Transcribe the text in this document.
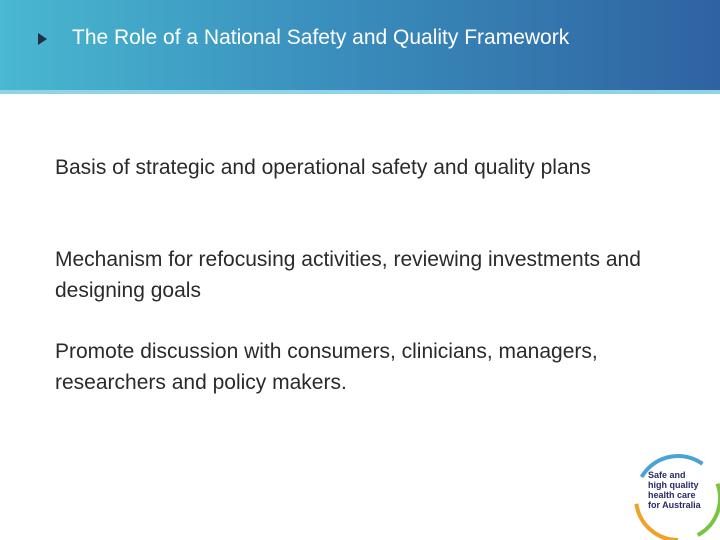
The Role of a National Safety and Quality Framework
Basis of strategic and operational safety and quality plans
Mechanism for refocusing activities, reviewing investments and designing goals
Promote discussion with consumers, clinicians, managers, researchers and policy makers.
Safe and
high quality
health care
for Australia
